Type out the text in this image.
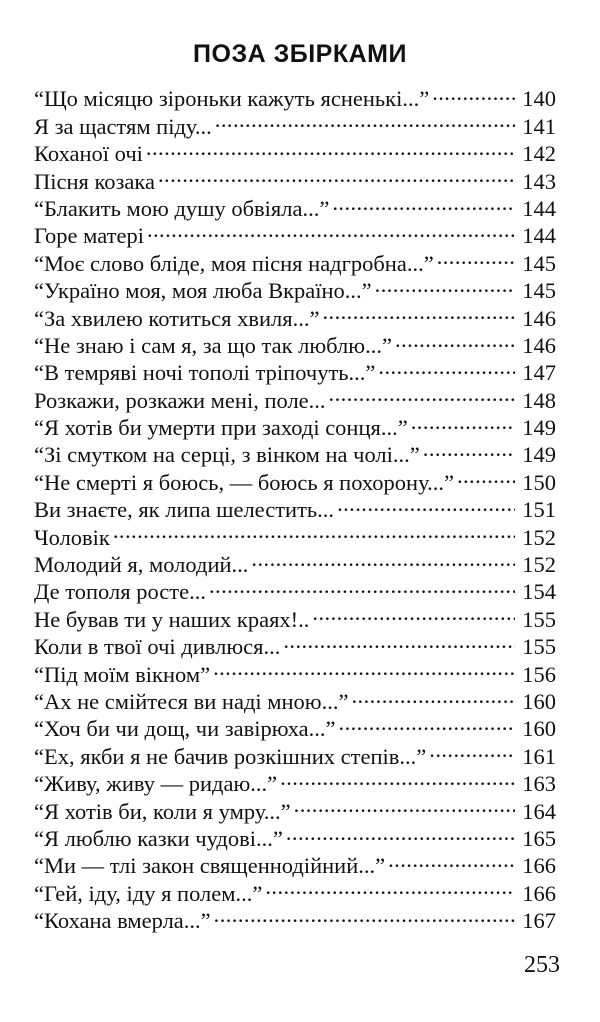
ПОЗА ЗБІРКАМИ
“Що місяцю зіроньки кажуть ясненькі...” . . .	140
Я за щастям піду... . . .	141
Коханої очі . . .	142
Пісня козака . . .	143
“Блакить мою душу обвіяла...” . . .	144
Горе матері . . .	144
“Моє слово бліде, моя пісня надгробна...” . . .	145
“Україно моя, моя люба Вкраїно...” . . .	145
“За хвилею котиться хвиля...” . . .	146
“Не знаю і сам я, за що так люблю...” . . .	146
“В темряві ночі тополі тріпочуть...” . . .	147
Розкажи, розкажи мені, поле... . . .	148
“Я хотів би умерти при заході сонця...” . . .	149
“Зі смутком на серці, з вінком на чолі...” . . .	149
“Не смерті я боюсь, — боюсь я похорону...” . . .	150
Ви знаєте, як липа шелестить... . . .	151
Чоловік . . .	152
Молодий я, молодий... . . .	152
Де тополя росте... . . .	154
Не бував ти у наших краях!.. . . .	155
Коли в твої очі дивлюся... . . .	155
“Під моїм вікном” . . .	156
“Ах не смійтеся ви наді мною...” . . .	160
“Хоч би чи дощ, чи завірюха...” . . .	160
“Ех, якби я не бачив розкішних степів...” . . .	161
“Живу, живу — ридаю...” . . .	163
“Я хотів би, коли я умру...” . . .	164
“Я люблю казки чудові...” . . .	165
“Ми — тлі закон священнодійний...” . . .	166
“Гей, іду, іду я полем...” . . .	166
“Кохана вмерла...” . . .	167
253
